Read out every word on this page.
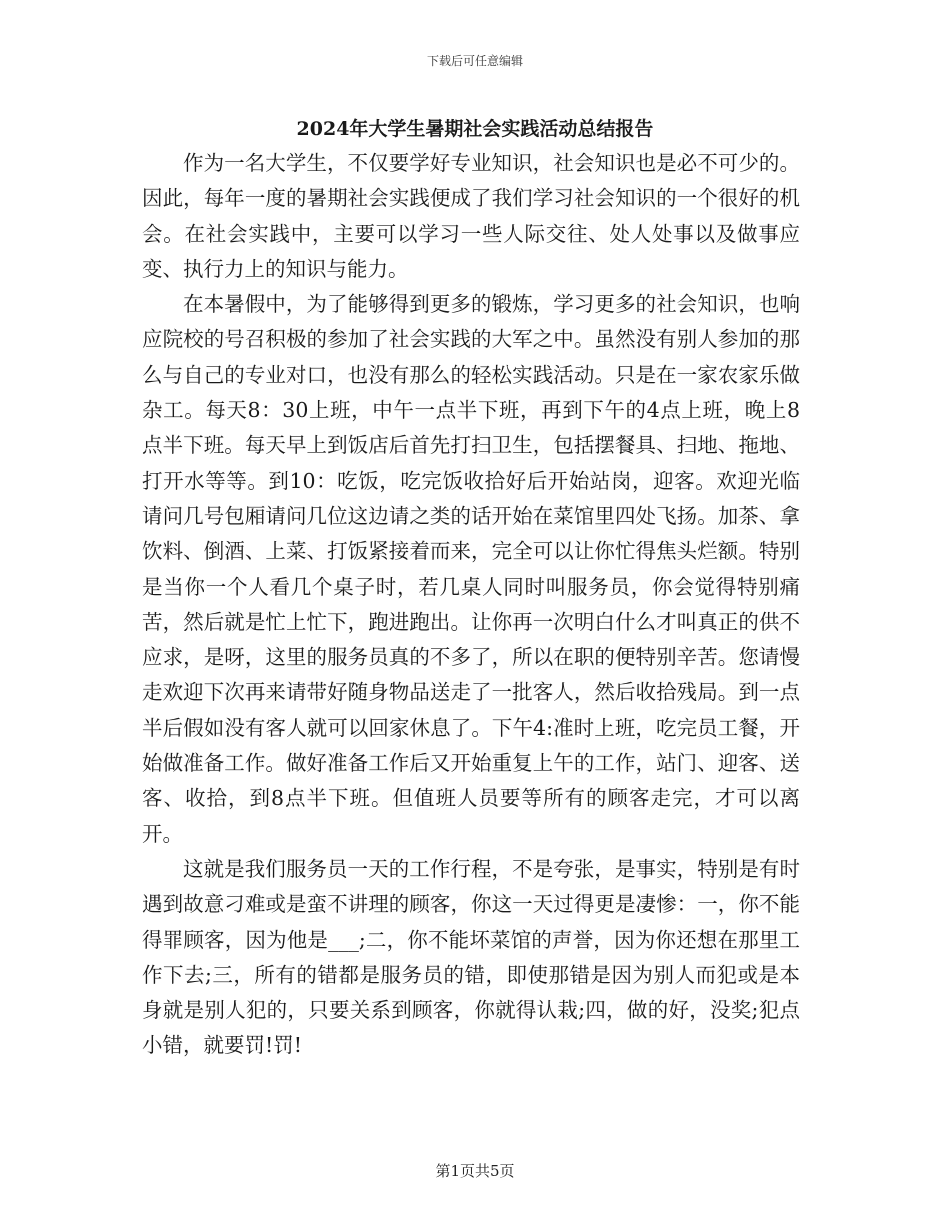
下载后可任意编辑
2024年大学生暑期社会实践活动总结报告

作为一名大学生，不仅要学好专业知识，社会知识也是必不可少的。因此，每年一度的暑期社会实践便成了我们学习社会知识的一个很好的机会。在社会实践中，主要可以学习一些人际交往、处人处事以及做事应变、执行力上的知识与能力。

在本暑假中，为了能够得到更多的锻炼，学习更多的社会知识，也响应院校的号召积极的参加了社会实践的大军之中。虽然没有别人参加的那么与自己的专业对口，也没有那么的轻松实践活动。只是在一家农家乐做杂工。每天8：30上班，中午一点半下班，再到下午的4点上班，晚上8点半下班。每天早上到饭店后首先打扫卫生，包括摆餐具、扫地、拖地、打开水等等。到10：吃饭，吃完饭收拾好后开始站岗，迎客。欢迎光临请问几号包厢请问几位这边请之类的话开始在菜馆里四处飞扬。加茶、拿饮料、倒酒、上菜、打饭紧接着而来，完全可以让你忙得焦头烂额。特别是当你一个人看几个桌子时，若几桌人同时叫服务员，你会觉得特别痛苦，然后就是忙上忙下，跑进跑出。让你再一次明白什么才叫真正的供不应求，是呀，这里的服务员真的不多了，所以在职的便特别辛苦。您请慢走欢迎下次再来请带好随身物品送走了一批客人，然后收拾残局。到一点半后假如没有客人就可以回家休息了。下午4:准时上班，吃完员工餐，开始做准备工作。做好准备工作后又开始重复上午的工作，站门、迎客、送客、收拾，到8点半下班。但值班人员要等所有的顾客走完，才可以离开。

这就是我们服务员一天的工作行程，不是夸张，是事实，特别是有时遇到故意刁难或是蛮不讲理的顾客，你这一天过得更是凄惨：一，你不能得罪顾客，因为他是___;二，你不能坏菜馆的声誉，因为你还想在那里工作下去;三，所有的错都是服务员的错，即使那错是因为别人而犯或是本身就是别人犯的，只要关系到顾客，你就得认栽;四，做的好，没奖;犯点小错，就要罚!罚!

第1页共5页
